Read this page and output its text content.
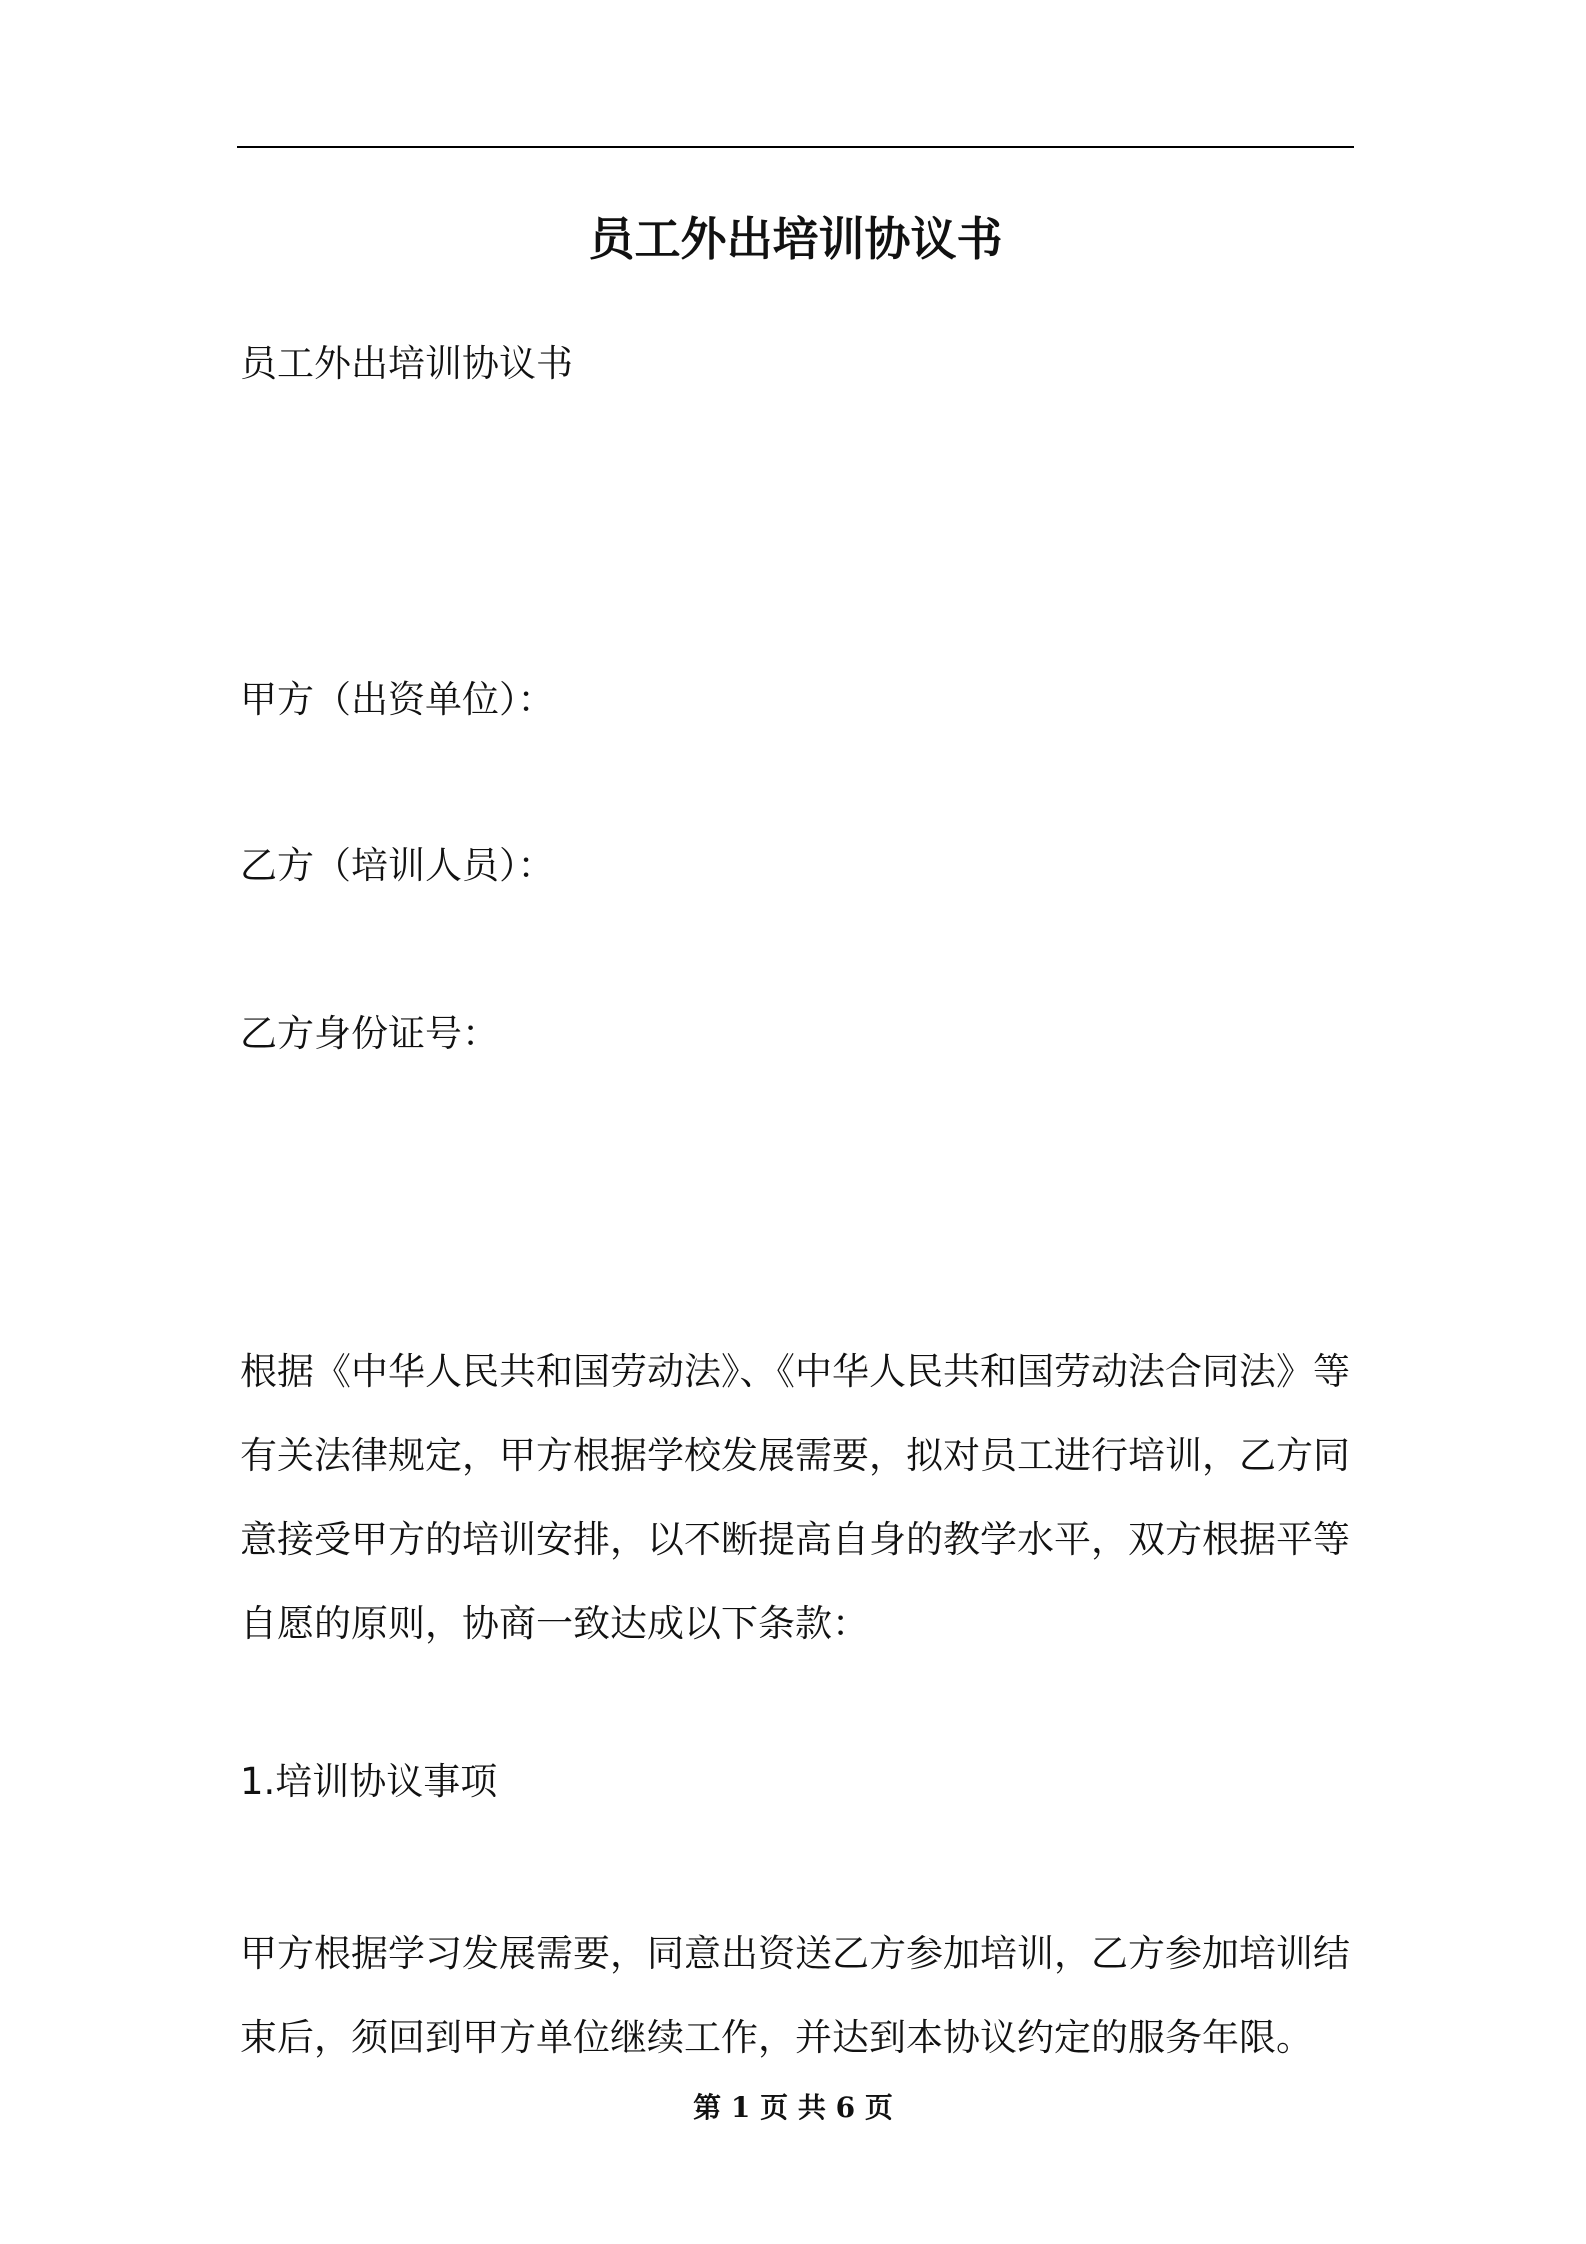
员工外出培训协议书
员工外出培训协议书
甲方（出资单位）：
乙方（培训人员）：
乙方身份证号：
根据《中华人民共和国劳动法》、《中华人民共和国劳动法合同法》等
有关法律规定，甲方根据学校发展需要，拟对员工进行培训，乙方同
意接受甲方的培训安排，以不断提高自身的教学水平，双方根据平等
自愿的原则，协商一致达成以下条款：
1.培训协议事项
甲方根据学习发展需要，同意出资送乙方参加培训，乙方参加培训结
束后，须回到甲方单位继续工作，并达到本协议约定的服务年限。
第 1 页 共 6 页
